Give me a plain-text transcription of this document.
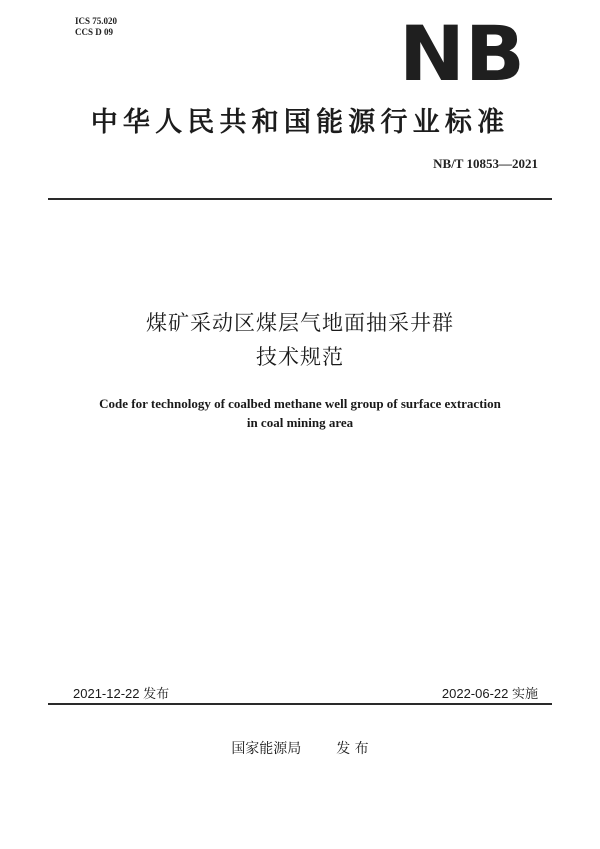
ICS 75.020
CCS D 09	NB
中华人民共和国能源行业标准
NB/T 10853—2021
煤矿采动区煤层气地面抽采井群
技术规范
Code for technology of coalbed methane well group of surface extraction
in coal mining area
2021-12-22 发布	2022-06-22 实施
国家能源局 发 布
